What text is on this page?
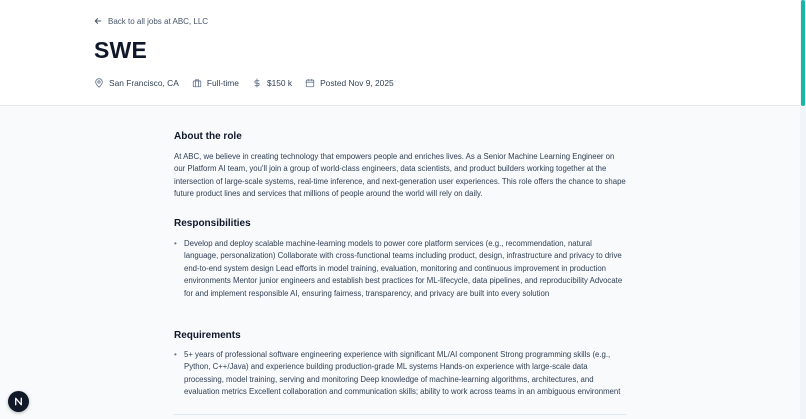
Back to all jobs at ABC, LLC
SWE
San Francisco, CA	Full-time	$150 k	Posted Nov 9, 2025
About the role

At ABC, we believe in creating technology that empowers people and enriches lives. As a Senior Machine Learning Engineer on our Platform AI team, you'll join a group of world-class engineers, data scientists, and product builders working together at the intersection of large-scale systems, real-time inference, and next-generation user experiences. This role offers the chance to shape future product lines and services that millions of people around the world will rely on daily.

Responsibilities
• Develop and deploy scalable machine-learning models to power core platform services (e.g., recommendation, natural language, personalization) Collaborate with cross-functional teams including product, design, infrastructure and privacy to drive end-to-end system design Lead efforts in model training, evaluation, monitoring and continuous improvement in production environments Mentor junior engineers and establish best practices for ML-lifecycle, data pipelines, and reproducibility Advocate for and implement responsible AI, ensuring fairness, transparency, and privacy are built into every solution
Requirements
• 5+ years of professional software engineering experience with significant ML/AI component Strong programming skills (e.g., Python, C++/Java) and experience building production-grade ML systems Hands-on experience with large-scale data processing, model training, serving and monitoring Deep knowledge of machine-learning algorithms, architectures, and evaluation metrics Excellent collaboration and communication skills; ability to work across teams in an ambiguous environment
